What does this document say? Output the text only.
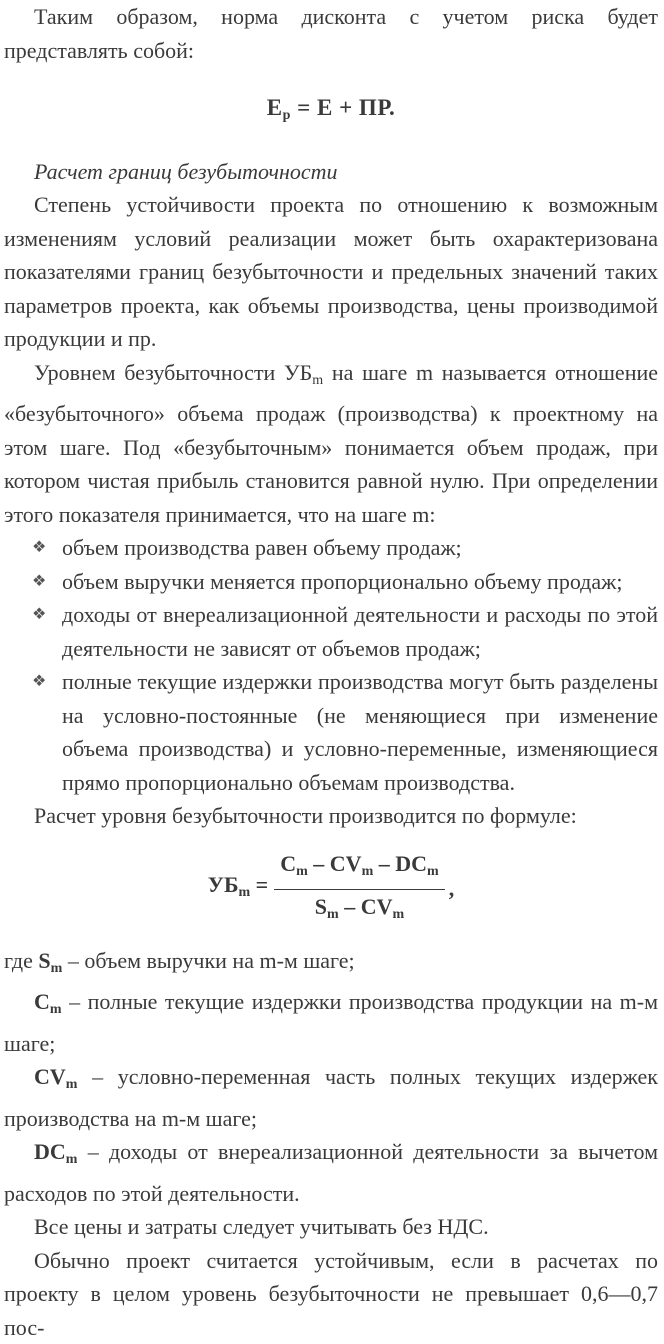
Таким образом, норма дисконта с учетом риска будет представлять собой:

$E_p = E$ + ПР.

Расчет границ безубыточности

Степень устойчивости проекта по отношению к возможным изменениям условий реализации может быть охарактеризована показателями границ безубыточности и предельных значений таких параметров проекта, как объемы производства, цены производимой продукции и пр.

Уровнем безубыточности $УБ_m$ на шаге m называется отношение «безубыточного» объема продаж (производства) к проектному на этом шаге. Под «безубыточным» понимается объем продаж, при котором чистая прибыль становится равной нулю. При определении этого показателя принимается, что на шаге m:

❖ объем производства равен объему продаж;
❖ объем выручки меняется пропорционально объему продаж;
❖ доходы от внереализационной деятельности и расходы по этой деятельности не зависят от объемов продаж;
❖ полные текущие издержки производства могут быть разделены на условно-постоянные (не меняющиеся при изменение объема производства) и условно-переменные, изменяющиеся прямо пропорционально объемам производства.

Расчет уровня безубыточности производится по формуле:

$УБ_m = \frac{C_m - CV_m - DC_m}{S_m - CV_m}$ ,

где $S_m$ – объем выручки на m-м шаге;

$C_m$ – полные текущие издержки производства продукции на m-м шаге;

$CV_m$ – условно-переменная часть полных текущих издержек производства на m-м шаге;

$DC_m$ – доходы от внереализационной деятельности за вычетом расходов по этой деятельности.

Все цены и затраты следует учитывать без НДС.

Обычно проект считается устойчивым, если в расчетах по проекту в целом уровень безубыточности не превышает 0,6—0,7 пос-
